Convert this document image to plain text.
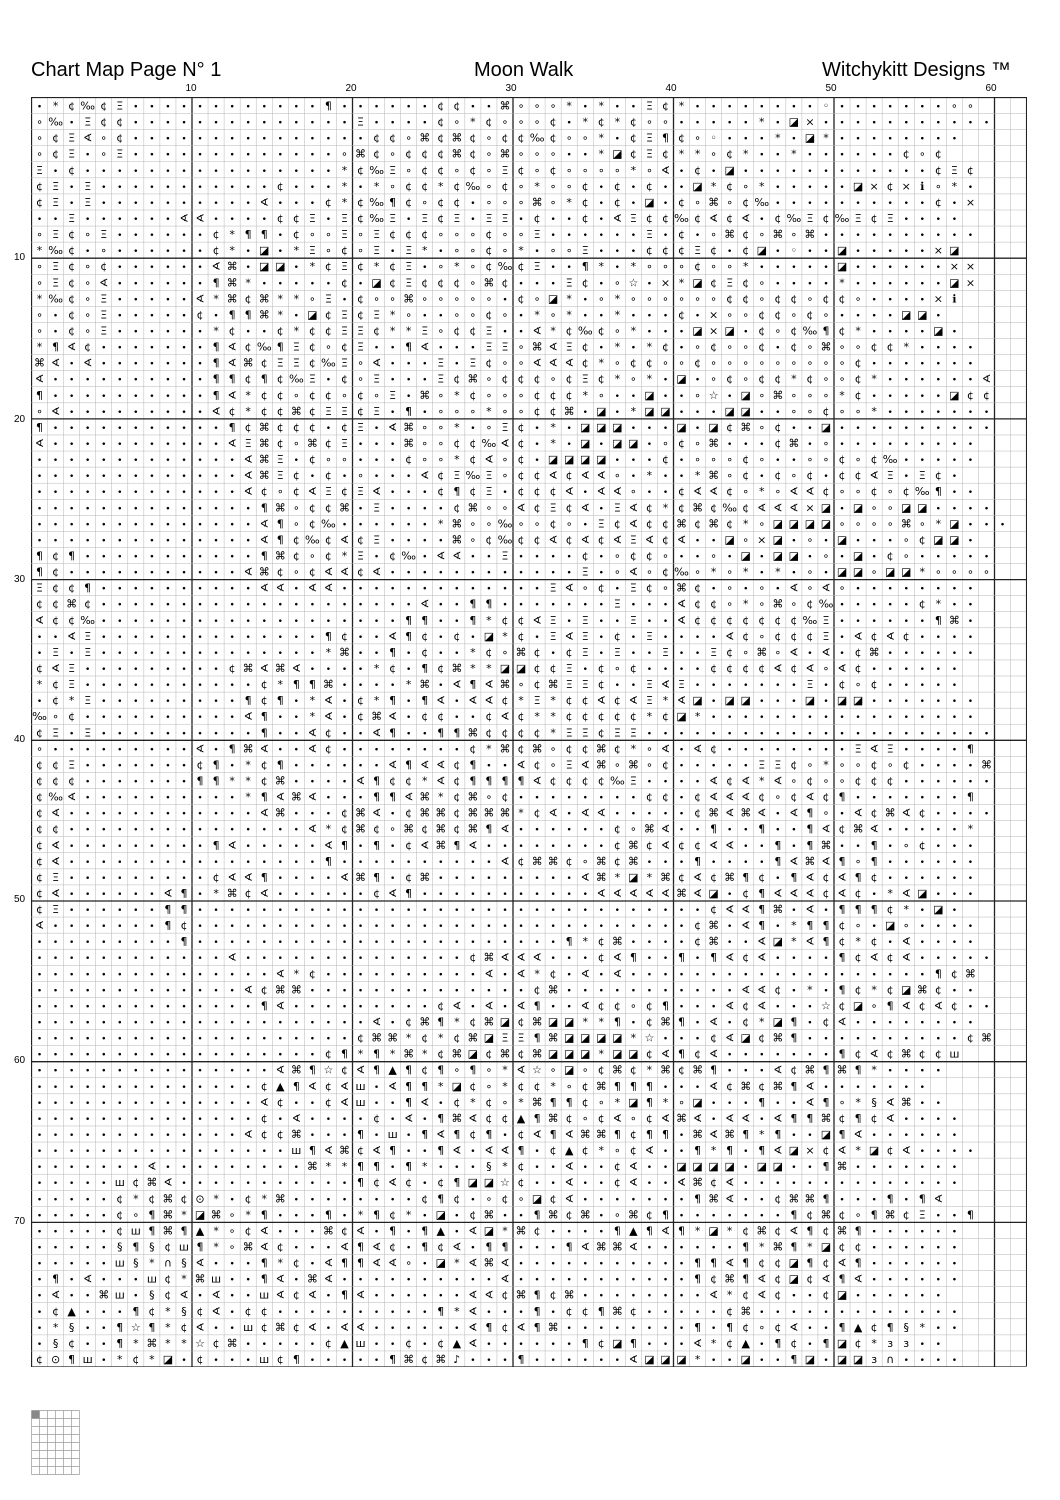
Chart Map Page N° 1	Moon Walk	Witchykitt Designs ™
10	20	30	40	50	60
10
20
30
40
50
60
70
• * ¢ ‰ ¢ Ξ • • • • • • • • • • • • ¶ • • • • • • ¢ ¢ • • ⌘ ∘ ∘ ∘ * • * • • Ξ ¢ * • • • • • • • • ◦ • • • • • • • ∘ ∘
∘ ‰ • Ξ ¢ ¢ • • • • • • • • • • • • • • Ξ • • • • ¢ ∘ * ¢ ∘ ∘ ∘ ¢ • * ¢ * ¢ ∘ ∘ • • • • • * • ◪ × • • • • • • • • • • •
∘ ¢ Ξ ∢ ∘ ¢ • • • • • • • • • • • • • • • ¢ ¢ ∘ ⌘ ¢ ⌘ ¢ ∘ ¢ ¢ ‰ ¢ ∘ ∘ * • ¢ Ξ ¶ ¢ ∘ ◦ • • • * • ◪ * • • • • • • • •
∘ ¢ Ξ • ∘ Ξ • • • • • • • • • • • • • ∘ ⌘ ¢ ∘ ¢ ¢ ¢ ⌘ ¢ ∘ ⌘ ∘ ∘ ∘ • • * ◪ ¢ Ξ ¢ * * ∘ ¢ * • • * • • • • • • ¢ ∘ ¢
Ξ • ¢ • • • • • • • • • • • • • • • • * ¢ ‰ Ξ ∘ ¢ ¢ ∘ ¢ ∘ Ξ ¢ ∘ ¢ ∘ ∘ ∘ ∘ * ∘ ∢ • ¢ • ◪ • • • • • • • • • • • • ¢ Ξ ¢
¢ Ξ • Ξ • • • • • • • • • • • ¢ • • • * • * ∘ ¢ ¢ * ¢ ‰ ∘ ¢ ∘ * ∘ ∘ ¢ • ¢ • ¢ • • ◪ * ¢ ∘ * • • • • • ◪ × ¢ × ℹ ∘ * •
¢ Ξ • Ξ • • • • • • • • • • ∢ • • • ¢ * ¢ ‰ ¶ ¢ ∘ ¢ ¢ • ∘ ∘ ∘ ⌘ ∘ * ¢ • ¢ • ◪ • ¢ ∘ ⌘ ∘ ¢ ‰ • • • • • • • • • • ¢ • ×
• • Ξ • • • • • • ∢ ∢ • • • • ¢ ¢ Ξ • Ξ ¢ ‰ Ξ • Ξ ¢ Ξ • Ξ Ξ • ¢ • • ¢ • ∢ Ξ ¢ ¢ ‰ ¢ ∢ ¢ ∢ • ¢ ‰ Ξ ¢ ‰ Ξ ¢ Ξ • • • •
∘ Ξ ¢ ∘ Ξ • • • • • • ¢ * ¶ ¶ • ¢ ∘ ∘ Ξ ∘ Ξ ¢ ¢ ¢ ∘ ∘ ∘ ¢ ∘ ∘ Ξ • • • • • • Ξ • ¢ • ∘ ⌘ ¢ ∘ ⌘ ∘ ⌘ • • • • • • • • • •
* ‰ ¢ • ∘ • • • • • • ¢ * • ◪ • * Ξ ∘ ¢ ∘ Ξ • Ξ * • ∘ ∘ ¢ ∘ * • ∘ ∘ Ξ • • • ¢ ¢ ¢ Ξ ¢ • ¢ ◪ • ◦ • • ◪ • • • • • × ◪
∘ Ξ ¢ ∘ ¢ • • • • • • ∢ ⌘ • ◪ ◪ • * ¢ Ξ ¢ * ¢ Ξ • ∘ * ∘ ¢ ‰ ¢ Ξ • • ¶ * • * ∘ ∘ ∘ ¢ ∘ ∘ * • • • • • ◪ • • • • • • × ×
∘ Ξ ¢ ∘ ∢ • • • • • • ¶ ⌘ * • • • • • ¢ • ◪ ¢ Ξ ¢ ¢ ¢ ∘ ⌘ ¢ • • • Ξ ¢ • ∘ ☆ • × * ◪ ¢ Ξ ¢ ∘ • • • • * • • • • • • ◪ ×
* ‰ ¢ ∘ Ξ • • • • • ∢ * ⌘ ¢ ⌘ * * ∘ Ξ • ¢ ∘ ∘ ⌘ ∘ ∘ ∘ ∘ ∘ • ¢ ∘ ◪ * • ∘ * ∘ ∘ ∘ ∘ ∘ ∘ ¢ ¢ ∘ ¢ ¢ ∘ ¢ ¢ ∘ • • • • × ℹ
∘ • ¢ ∘ Ξ • • • • • ¢ • ¶ ¶ ⌘ * • ◪ ¢ Ξ ¢ Ξ * ∘ • • ∘ ∘ ¢ ∘ • * ∘ * • • * • • • ¢ • × ∘ ∘ ¢ ¢ ∘ ¢ ∘ • • • • ◪ ◪ •
∘ • ¢ ∘ Ξ • • • • • • * ¢ • • ¢ * ¢ ¢ Ξ Ξ ¢ * * Ξ ∘ ¢ ¢ Ξ • • ∢ * ¢ ‰ ¢ ∘ * • • • ◪ × ◪ • ¢ ∘ ¢ ‰ ¶ ¢ * • • • • ◪ •
* ¶ ∢ ¢ • • • • • • • ¶ ∢ ¢ ‰ ¶ Ξ ¢ ∘ ¢ Ξ • • ¶ ∢ • • • Ξ Ξ ∘ ⌘ ∢ Ξ ¢ • * • * ¢ • ∘ ¢ ∘ ∘ ¢ • ¢ ∘ ⌘ ∘ ∘ ¢ ¢ * • • • •
⌘ ∢ • ∢ • • • • • • • ¶ ∢ ⌘ ¢ Ξ Ξ ¢ ‰ Ξ ∘ ∢ • • • Ξ • Ξ ¢ ∘ ∘ ∢ ∢ ∢ ¢ * ∘ ¢ ¢ ∘ ∘ ¢ ∘ ∘ ∘ ∘ ∘ ∘ ∘ ∘ ∘ ¢ • • • • • • •
∢ • • • • • • • • • • ¶ ¶ ¢ ¶ ¢ ‰ Ξ • ¢ ∘ Ξ • • • Ξ ¢ ⌘ ∘ ¢ ¢ ¢ ∘ ¢ Ξ ¢ * ∘ * • ◪ • ∘ ¢ ∘ ¢ ¢ * ¢ ∘ ∘ ¢ * • • • • • • ∢
¶ • • • • • • • • • • ¶ ∢ * ¢ ¢ ∘ ¢ ¢ ∘ ¢ ∘ Ξ • ⌘ ∘ * ¢ ∘ ∘ ∘ ¢ ¢ ¢ * ∘ • • ◪ • • ∘ ☆ • ◪ ∘ ⌘ ∘ ∘ ∘ * ¢ • • • • • ◪ ¢ ¢
∘ ∢ • • • • • • • • • ∢ ¢ * ¢ ¢ ⌘ ¢ Ξ Ξ ¢ Ξ • ¶ • ∘ ∘ ∘ * ∘ ∘ ¢ ¢ ⌘ • ◪ • * ◪ ◪ • • • ◪ ◪ • • ∘ ∘ ¢ ∘ ∘ * • • • • • • •
¶ • • • • • • • • • • • ¶ ¢ ⌘ ¢ ¢ ¢ • ¢ Ξ • ∢ ⌘ ∘ ∘ * • ∘ Ξ ¢ • * • ◪ ◪ ◪ • • • ◪ • ◪ ¢ ⌘ ∘ ¢ • • ◪ • • • • • • • • • •
∢ • • • • • • • • • • • ∢ Ξ ⌘ ¢ ∘ ⌘ ¢ Ξ • • • ⌘ ∘ ∘ ¢ ¢ ‰ ∢ ¢ • * • ◪ • ◪ ◪ • ∘ ¢ ∘ ⌘ • • • ¢ ⌘ • ∘ • • • • • • • • •
• • • • • • • • • • • • • ∢ ⌘ Ξ • ¢ ∘ ∘ • • • ¢ ∘ ∘ * ¢ ∢ ∘ ¢ • ◪ ◪ ◪ ◪ • • • ¢ • ∘ ∘ ∘ ¢ ∘ • • ∘ ∘ ¢ ∘ ¢ ‰ • • • • •
• • • • • • • • • • • • • ∢ ⌘ Ξ ¢ • ¢ • ∘ • • • ∢ ¢ Ξ ‰ Ξ ∘ ¢ ¢ ∢ ¢ ∢ ∢ ∘ • * • • * ⌘ ∘ ¢ • ¢ ∘ ¢ • ¢ ¢ ∢ Ξ • Ξ ¢ •
• • • • • • • • • • • • • ∢ ¢ ∘ ¢ ∢ Ξ ¢ Ξ ∢ • • • ¢ ¶ ¢ Ξ • ¢ ¢ ¢ ∢ • ∢ ∢ ∘ • • ¢ ∢ ∢ ¢ ∘ * ∘ ∢ ∢ ¢ ∘ ∘ ¢ ∘ ¢ ‰ ¶ • •
• • • • • • • • • • • • • • ¶ ⌘ ∘ ¢ ¢ ⌘ • Ξ • • • • ¢ ⌘ ∘ ∘ ∢ ¢ Ξ ¢ ∢ • Ξ ∢ ¢ * ¢ ⌘ ¢ ‰ ¢ ∢ ∢ ∢ × ◪ • ◪ ∘ ∘ ◪ ◪ • • • •
• • • • • • • • • • • • • • ∢ ¶ ∘ ¢ ‰ • • • • • • * ⌘ ∘ ∘ ‰ ∘ ∘ ¢ ∘ • Ξ ¢ ∢ ¢ ¢ ⌘ ¢ ⌘ ¢ * ∘ ◪ ◪ ◪ ◪ ∘ ∘ ∘ ∘ ⌘ ∘ * ◪ • • •
• • • • • • • • • • • • • • ∢ ¶ ¢ ‰ ¢ ∢ ¢ Ξ • • • • ⌘ ∘ ¢ ‰ ¢ ¢ ∢ ¢ ∢ ¢ ∢ Ξ ∢ ¢ ∢ • • ◪ ∘ × ◪ • ∘ • ◪ • • • ∘ ¢ ◪ ◪ •
¶ ¢ ¶ • • • • • • • • • • • ¶ ⌘ ¢ ∘ ¢ * Ξ • ¢ ‰ • ∢ ∢ • • Ξ • • • • ¢ • ∘ ¢ ¢ ∘ • • ∘ • ◪ • ◪ ◪ • ∘ • ◪ • ¢ ∘ • • • • •
¶ ¢ • • • • • • • • • • • ∢ ⌘ ¢ ∘ ¢ ∢ ∢ ¢ ∢ • • • • • • • • • • • • Ξ • ∘ ∢ ∘ ¢ ‰ ∘ * ∘ * • * • ∘ • ◪ ◪ ∘ ◪ ◪ * ∘ ∘ ∘ ∘
Ξ ¢ ¢ ¶ • • • • • • • • • • ∢ ∢ • ∢ ∢ • • • • • • • • • • • • • Ξ ∢ ∘ ¢ • Ξ ¢ ∘ ⌘ ¢ • ∘ • ∘ • ∢ ∘ ∢ ∘ • • • • • • • •
¢ ¢ ⌘ ¢ • • • • • • • • • • • • • • • • • • • • ∢ • • ¶ ¶ • • • • • • • Ξ • • • ∢ ¢ ¢ ∘ * ∘ ⌘ ∘ ¢ ‰ • • • • • ¢ * • •
∢ ¢ ¢ ‰ • • • • • • • • • • • • • • • • • • • ¶ ¶ • • ¶ * ¢ ¢ ∢ Ξ • Ξ • • Ξ • • ∢ ¢ ¢ ¢ ¢ ¢ ¢ ¢ ‰ Ξ • • • • • • ¶ ⌘ •
• • ∢ Ξ • • • • • • • • • • • • • • ¶ ¢ • • ∢ ¶ ¢ • ¢ • ◪ * ¢ • Ξ ∢ Ξ • ¢ • Ξ • • • • ∢ ¢ ∘ ¢ ¢ ¢ Ξ • ∢ ¢ ∢ ¢ • • • •
• Ξ • Ξ • • • • • • • • • • • • • • * ⌘ • • ¶ • ¢ • • * ¢ ∘ ⌘ ¢ • ¢ Ξ • Ξ • • Ξ • • Ξ ¢ ∘ ⌘ ∘ ∢ • ∢ • ¢ ⌘ • • • • • •
¢ ∢ Ξ • • • • • • • • • ¢ ⌘ ∢ ⌘ ∢ • • • • * ¢ • ¶ ¢ ⌘ * * ◪ ◪ ¢ ¢ Ξ • ¢ ∘ ¢ • • • • ¢ ¢ ¢ ¢ ∢ ¢ ∢ ∘ ∢ ¢ • • • • • •
* ¢ Ξ • • • • • • • • • • • ¢ * ¶ ¶ ⌘ • • • • * ⌘ • ∢ ¶ ∢ ⌘ ∘ ¢ ⌘ Ξ Ξ ¢ • • Ξ ∢ Ξ • • • • • • • Ξ • ¢ ∘ ¢ • • • • •
• ¢ * Ξ • • • • • • • • • ¶ ¢ ¶ • * ∢ • ¢ * ¶ • ¶ ∢ • ∢ ∢ ¢ * Ξ * ¢ ¢ ∢ ¢ ∢ Ξ * ∢ ◪ • ◪ ◪ • • • ◪ • ◪ ◪ • • • • • • •
‰ ∘ ¢ • • • • • • • • • • ∢ ¶ • • * ∢ • ¢ ⌘ ∢ • ¢ ¢ • • ¢ ∢ ¢ * * ¢ ¢ ¢ ¢ ¢ * ¢ ◪ * • • • • • • • • • • • • • • • • •
¢ Ξ • Ξ • • • • • • • • • • ¶ • • ∢ ¢ • • ∢ ¶ • • ¶ ¶ ⌘ ¢ ¢ ¢ ¢ * Ξ Ξ ¢ Ξ Ξ • • • • • • • • • • • • • • • • • • • • • •
∘ • • • • • • • • • ∢ • ¶ ⌘ ∢ • • ∢ ¢ • • • • • • • • ¢ * ⌘ ¢ ⌘ ∘ ¢ ¢ ⌘ ¢ * ∘ ∢ • ∢ ¢ • • • • • • • • Ξ ∢ Ξ • • • • ¶
¢ ¢ Ξ • • • • • • • ¢ ¶ • * ¢ ¶ • • • • • • ∢ ¶ ∢ ∢ ¢ ¶ • • ∢ ¢ ∘ Ξ ∢ ⌘ ∘ ⌘ ∘ ¢ • • • • • Ξ Ξ ¢ ∘ * ∘ ∘ ¢ ∘ ¢ • • • • ⌘
¢ ¢ ¢ • • • • • • • ¶ ¶ * * ¢ ⌘ • • • • ∢ ¶ ¢ ¢ * ∢ ¢ ¶ ¶ ¶ ¶ ∢ ¢ ¢ ¢ ¢ ‰ Ξ • • • • ∢ ¢ ∢ * ∢ ∘ ¢ ∘ ∘ ¢ ¢ ¢ • • • • • •
¢ ‰ ∢ • • • • • • • • • • * ¶ ∢ ⌘ ∢ • • • ¶ ¶ ∢ ⌘ * ¢ ⌘ ∘ ¢ • • • • • • • • ¢ ¢ • ¢ ∢ ∢ ∢ ¢ ∘ ¢ ∢ ¢ ¶ • • • • • • • ¶
¢ ∢ • • • • • • • • • • • • ∢ ⌘ • • • ¢ ⌘ ∢ • ¢ ⌘ ⌘ ¢ ⌘ ⌘ ⌘ * ¢ ∢ • ∢ ∢ • • • • • ¢ ⌘ ∢ ⌘ ∢ • ∢ ¶ ∘ • ∢ ¢ ⌘ ∢ ¢ • • • •
¢ ¢ • • • • • • • • • • • • • • • ∢ * ¢ ⌘ ¢ ∘ ⌘ ¢ ⌘ ¢ ⌘ ¶ ∢ • • • • • • ¢ ∘ ⌘ ∢ • • ¶ • • ¶ • • ¶ ∢ ¢ ⌘ ∢ • • • • • *
¢ ∢ • • • • • • • • • ¶ ∢ • • • • • ∢ ¶ • ¶ • ¢ ∢ ⌘ ¶ ∢ • • • • • • • • ¢ ⌘ ¢ ∢ ¢ ¢ ∢ ∢ • • ¶ • ¶ ⌘ • • ¶ • ∘ ¢ • • •
¢ ∢ • • • • • • • • • • • • • • • • ¶ • • • • • • • • • • ∢ ¢ ⌘ ⌘ ¢ ∘ ⌘ ¢ ⌘ • • • ¶ • • • • ¶ ∢ ⌘ ∢ ¶ ∘ ¶ • • • • • •
¢ Ξ • • • • • • • • • ¢ ∢ ∢ ¶ • • • • ∢ ⌘ ¶ • ¢ ⌘ • • • • • • • • • ∢ ⌘ * ◪ * ⌘ ¢ ∢ ¢ ⌘ ¶ ¢ • ¶ ∢ ¢ ∢ ¶ ¢ • • • • • •
¢ ∢ • • • • • • ∢ ¶ • * ⌘ ¢ ∢ • • • • • • ¢ ∢ ¶ • • • • • • • • • • • ∢ ∢ ∢ ∢ ∢ ⌘ ∢ ◪ • ¢ ¶ ∢ ∢ ∢ ¢ ∢ ¢ • * ∢ ◪ • • •
¢ Ξ • • • • • • ¶ ¶ • • • • • • • • • • • • • • • • • • • • • • • • • • • • • • • • ¢ ∢ ∢ ¶ ⌘ • ∢ • ¶ ¶ ¶ ¢ * • ◪ •
∢ • • • • • • • ¶ ¢ • • • • • • • • • • • • • • • • • • • • • • • • • • • • • • • ¢ ⌘ • ∢ ¶ • * ¶ ¶ ¢ ∘ • ◪ ∘ • • • •
• • • • • • • • • ¶ • • • • • • • • • • • • • • • • • • • • • • • ¶ * ¢ ⌘ • • • • ¢ ⌘ • • ∢ ◪ * ∢ ¶ ¢ * ¢ • ∢ • • • •
• • • • • • • • • • • • ∢ • • • • • • • • • • • • • • ¢ ⌘ ∢ ∢ ∢ • • • ¢ ∢ ¶ • • ¶ • ¶ ∢ ¢ ∢ • • • • ¶ ¢ ∢ ¢ ∢ • • • • •
• • • • • • • • • • • • • • • ∢ * ¢ • • • • • • • • • • ∢ • ∢ * ¢ • ∢ • ∢ • • • • • • • • • • • • • • • • • • • ¶ ¢ ⌘
• • • • • • • • • • • • • ∢ ¢ ⌘ ⌘ • • • • • • • • • • • • • • ¢ ⌘ • • • • • • • • • • • ∢ ∢ ¢ • * • ¶ ¢ * ¢ ◪ ⌘ ¢ • •
• • • • • • • • • • • • • • ¶ ∢ • • • • • • • • • ¢ ∢ • ∢ • ∢ ¶ • • ∢ ¢ ¢ ∘ ¢ ¶ • • • ∢ ¢ ∢ • • • ☆ ¢ ◪ ∘ ¶ ∢ ¢ ∢ ¢ • •
• • • • • • • • • • • • • • • • • • • • • ∢ • ¢ ⌘ ¶ * ¢ ⌘ ◪ ¢ ⌘ ◪ ◪ * * ¶ • ¢ ⌘ ¶ • ∢ • ¢ * ◪ ¶ • ¢ ∢ • • • • • • • •
• • • • • • • • • • • • • • • • • • • • ¢ ⌘ ⌘ * ¢ * ¢ ⌘ ◪ Ξ Ξ ¶ ⌘ ◪ ◪ ◪ ◪ * ☆ • • • ¢ ∢ ◪ ¢ ⌘ ¶ • • • • • • • • • • ¢ ⌘
• • • • • • • • • • • • • • • • • • ¢ ¶ * ¶ * ⌘ * ¢ ⌘ ◪ ¢ ⌘ ¢ ⌘ ◪ ◪ ◪ * ◪ ◪ ¢ ∢ ¶ ¢ ∢ • • • • • • • ¶ ¢ ∢ ¢ ⌘ ¢ ¢ ш
• • • • • • • • • • • • • • • ∢ ⌘ ¶ ☆ ¢ ∢ ¶ ▲ ¶ ¢ ¶ ∘ ¶ ∘ * ∢ ☆ ∘ ◪ ∘ ¢ ⌘ ¢ * ⌘ ¢ ⌘ ¶ • • • ∢ ¢ ⌘ ¶ ⌘ ¶ * • • • •
• • • • • • • • • • • • • • ¢ ▲ ¶ ∢ ¢ ∢ ш • ∢ ¶ ¶ * ◪ ¢ ∘ * ¢ ¢ * ∘ ¢ ⌘ ¶ ¶ ¶ • • • ∢ ¢ ⌘ ¢ ⌘ ¶ ∢ • • • • • • •
• • • • • • • • • • • • • • ∢ ¢ • • ¢ ∢ ш • • ¶ ∢ • ¢ * ¢ ∘ * ⌘ ¶ ¶ ¢ ∘ * ◪ ¶ * ∘ ◪ • • • ¶ • • ∢ ¶ ∘ * § ∢ ⌘ • •
• • • • • • • • • • • • • • ¢ • ∢ • • • • ¢ • ∢ • ¶ ⌘ ∢ ¢ ¢ ▲ ¶ ⌘ ¢ ∘ ¢ ∢ ∘ ¢ ∢ ⌘ ∢ • ∢ ∢ • ∢ ¶ ¶ ⌘ ¢ ¶ ¢ ∢ • • • •
• • • • • • • • • • • • • ∢ ¢ ¢ ⌘ • • • ¶ • ш • ¶ ∢ ¶ ¢ ¶ • ¢ ∢ ¶ ∢ ⌘ ⌘ ¶ ¢ ¶ ¶ • ⌘ ∢ ⌘ ¶ * ¶ • • ◪ ¶ ∢ • • • • • •
• • • • • • • • • • • • • • • • ш ¶ ∢ ⌘ ¢ ∢ ¶ • • ¶ ∢ • ∢ ∢ ¶ • ¢ ▲ ¢ * ∘ ¢ ∢ • • ¶ * ¶ • ¶ ∢ ◪ × ¢ ∢ * ◪ ¢ ∢ • • • •
• • • • • • • ∢ • • • • • • • • • ⌘ * * ¶ ¶ • ¶ * • • • § * ¢ • • ∢ • • ¢ ∢ • • ◪ ◪ ◪ ◪ • ◪ ◪ • • ¶ ⌘ • • • • • • •
• • • • • ш ¢ ⌘ ∢ • • • • • • • • • • • ¶ ¢ ∢ ¢ • ¢ ¶ ◪ ◪ ☆ ¢ • • ∢ • • ¢ ∢ • • ∢ ⌘ ¢ ∢ • • • • • • • • • • • • • •
• • • • • ¢ * ¢ ⌘ ¢ ⊙ * • ¢ * ⌘ • • • • • • • • ¢ ¶ ¢ • ∘ ¢ ∘ ◪ ¢ ∢ • • • • • • • ¶ ⌘ ∢ • • ¢ ⌘ ⌘ ¶ • • • ¶ • ¶ ∢
• • • • • ¢ ∘ ¶ ⌘ * ◪ ⌘ ∘ * ¶ • • • ¶ • * ¶ ¢ * • ◪ • ¢ ⌘ • • ¶ ⌘ ¢ ⌘ • ∘ ⌘ ¢ ¶ • • • • • • • ¶ ¢ ⌘ ¢ ∘ ¶ ⌘ ¢ Ξ • • ¶
• • • • • ¢ ш ¶ ⌘ ¶ ▲ * ∘ ¢ ∢ • • • ⌘ ¢ ∢ • ¶ • ¶ ▲ • ∢ ◪ * ⌘ ¢ • • • • ¶ ▲ ¶ ∢ ¶ * ◪ * ¢ ⌘ ¢ ∢ ¶ ¢ ⌘ ¶ • • • • • •
• • • • • § ¶ § ¢ ш ¶ * ∘ ⌘ ∢ ¢ • • • ∢ ¶ ∢ ¢ • ¶ ¢ ∢ • ¶ ¶ • • • ¶ ∢ ⌘ ⌘ ∢ • • • • • • ¶ * ⌘ ¶ * ◪ ¢ ¢ • • • • • •
• • • • • ш § * ∩ § ∢ • • • ¶ * ¢ • ∢ ¶ ¶ ∢ ∢ ∘ • ◪ * ∢ ⌘ ∢ • • • • • • • • • • • ¶ ¶ ∢ ¶ ¢ ¢ ◪ ¶ ¢ ∢ ¶ • • • • • •
• ¶ • ∢ • • • ш ¢ * ⌘ ш • • ¶ ∢ • ⌘ ∢ • • • • • • • • • • ∢ • • • • • • • • • • • ¶ ¢ ⌘ ¶ ∢ ¢ ◪ ¢ ∢ ¶ ∢ • • • • • •
• ∢ • • ⌘ ш • § ¢ ∢ • ∢ • • ш ∢ ¢ ∢ • ¶ ∢ • • • • • • ∢ ∢ ¢ ⌘ ¶ ¢ ⌘ • • • • • • • • ∢ * ¢ ∢ ¢ • • ¢ ◪ • • • • • •
• ¢ ▲ • • • ¶ ¢ * § ¢ ∢ • ¢ ¢ • • • • • • • • • • ¶ * ∢ • • • ¶ • ¢ ¢ ¶ ⌘ ¢ • • • • • ¢ ⌘ • • • • • • • • • • • • •
• * § • • ¶ ☆ ¶ * ¢ ∢ • • ш ¢ ⌘ ¢ ∢ • ∢ ∢ • • • • • • ∢ ¶ ¢ ∢ ¶ ⌘ • • • • • • • • ¶ • ¶ ¢ ∘ ¢ ∢ • • ¶ ▲ ¢ ¶ § * • •
• § ¢ • • ¶ * ⌘ * * ☆ ¢ ⌘ • • • • • ¢ ▲ ш • • ¢ • ¢ ▲ ∢ • • • • • • ¶ ¢ ◪ ¶ • • • ∢ * ¢ ▲ • ¶ ¢ • ¶ ◪ ¢ * ɜ ɜ • •
¢ ⊙ ¶ ш • * ¢ * ◪ • ¢ • • • ш ¢ ¶ • • • • • ¶ ⌘ ¢ ⌘ ♪ • • • ¶ • • • • • • ∢ ◪ ◪ ◪ * • • ◪ • • ¶ ◪ • ◪ ◪ ɜ ∩ • • • •
